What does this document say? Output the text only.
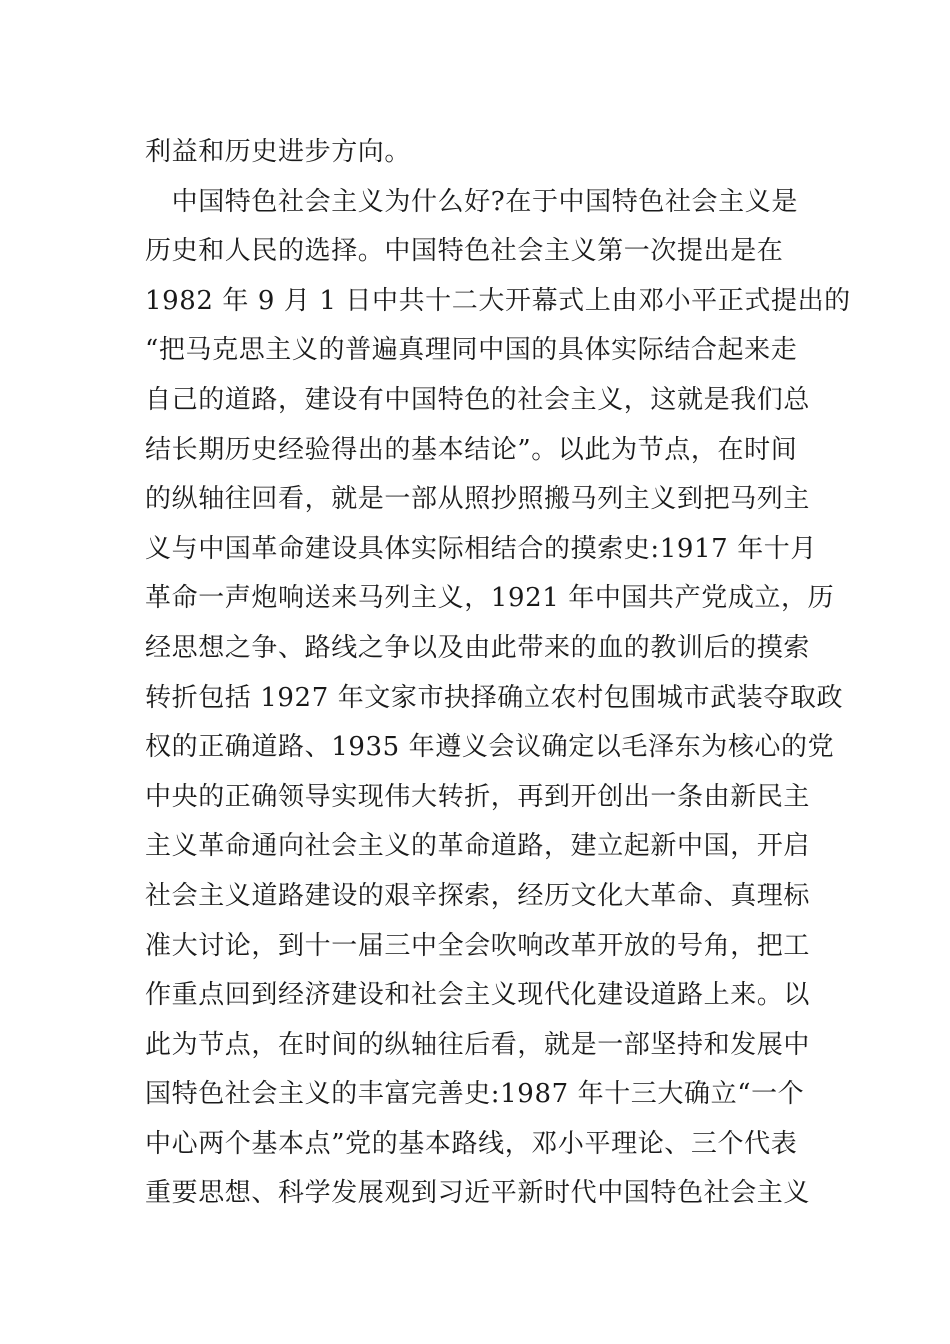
利益和历史进步方向。
　中国特色社会主义为什么好?在于中国特色社会主义是
历史和人民的选择。中国特色社会主义第一次提出是在
1982 年 9 月 1 日中共十二大开幕式上由邓小平正式提出的
“把马克思主义的普遍真理同中国的具体实际结合起来走
自己的道路，建设有中国特色的社会主义，这就是我们总
结长期历史经验得出的基本结论”。以此为节点，在时间
的纵轴往回看，就是一部从照抄照搬马列主义到把马列主
义与中国革命建设具体实际相结合的摸索史:1917 年十月
革命一声炮响送来马列主义，1921 年中国共产党成立，历
经思想之争、路线之争以及由此带来的血的教训后的摸索
转折包括 1927 年文家市抉择确立农村包围城市武装夺取政
权的正确道路、1935 年遵义会议确定以毛泽东为核心的党
中央的正确领导实现伟大转折，再到开创出一条由新民主
主义革命通向社会主义的革命道路，建立起新中国，开启
社会主义道路建设的艰辛探索，经历文化大革命、真理标
准大讨论，到十一届三中全会吹响改革开放的号角，把工
作重点回到经济建设和社会主义现代化建设道路上来。以
此为节点，在时间的纵轴往后看，就是一部坚持和发展中
国特色社会主义的丰富完善史:1987 年十三大确立“一个
中心两个基本点”党的基本路线，邓小平理论、三个代表
重要思想、科学发展观到习近平新时代中国特色社会主义
